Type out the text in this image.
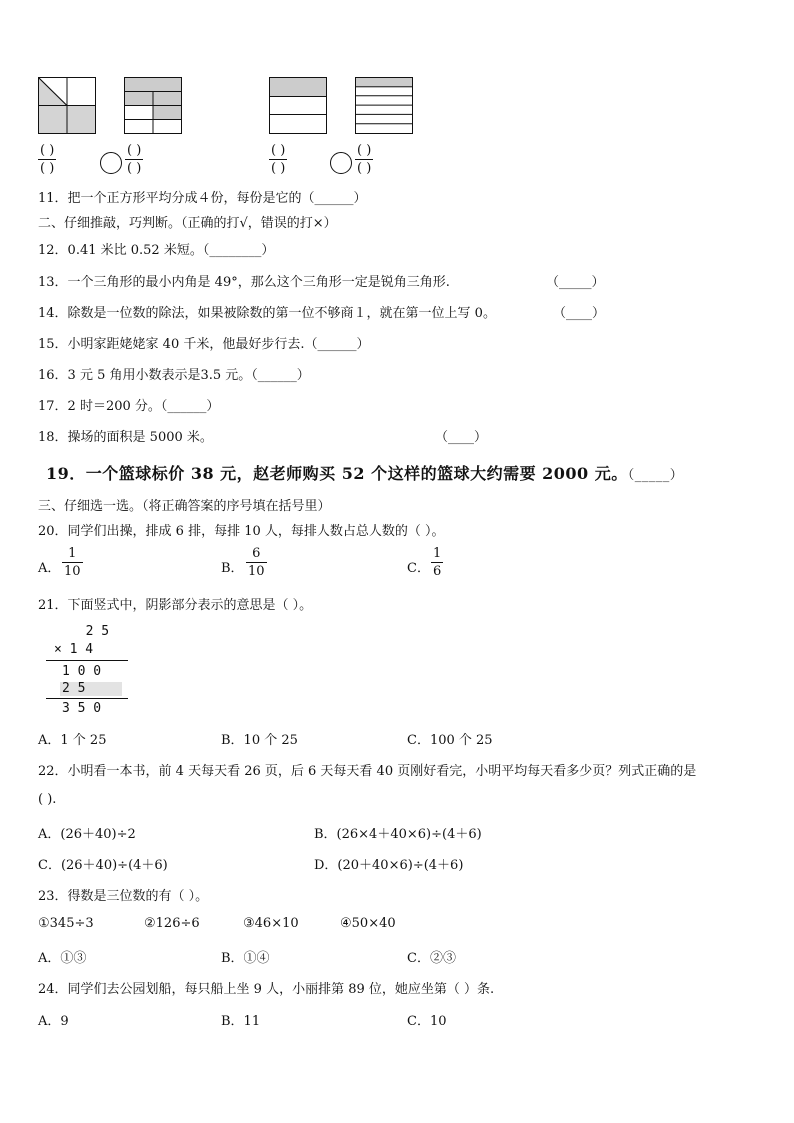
( )
( )
( )
( )
( )
( )
( )
( )
11．把一个正方形平均分成４份，每份是它的（______）
二、仔细推敲，巧判断。（正确的打√，错误的打×）
12．0.41 米比 0.52 米短。（________）
13．一个三角形的最小内角是 49°，那么这个三角形一定是锐角三角形.	（_____）
14．除数是一位数的除法，如果被除数的第一位不够商１，就在第一位上写 0。	（____）
15．小明家距姥姥家 40 千米，他最好步行去.（______）
16．3 元 5 角用小数表示是3.5 元。（______）
17．2 时＝200 分。（______）
18．操场的面积是 5000 米。	（____）
19．一个篮球标价 38 元，赵老师购买 52 个这样的篮球大约需要 2000 元。（_____）
三、仔细选一选。（将正确答案的序号填在括号里）
20．同学们出操，排成 6 排，每排 10 人，每排人数占总人数的（ ）。
A．
1
10	B．
6
10	C．
1
6
21．下面竖式中，阴影部分表示的意思是（ ）。
2 5
× 1 4
1 0 0
2 5
3 5 0
A．1 个 25	B．10 个 25	C．100 个 25
22．小明看一本书，前 4 天每天看 26 页，后 6 天每天看 40 页刚好看完，小明平均每天看多少页？列式正确的是
( ).
A．(26＋40)÷2	B．(26×4＋40×6)÷(4＋6)
C．(26＋40)÷(4＋6)	D．(20＋40×6)÷(4＋6)
23．得数是三位数的有（ ）。
①345÷3	②126÷6	③46×10	④50×40
A．①③	B．①④	C．②③
24．同学们去公园划船，每只船上坐 9 人，小丽排第 89 位，她应坐第（ ）条.
A．9	B．11	C．10
